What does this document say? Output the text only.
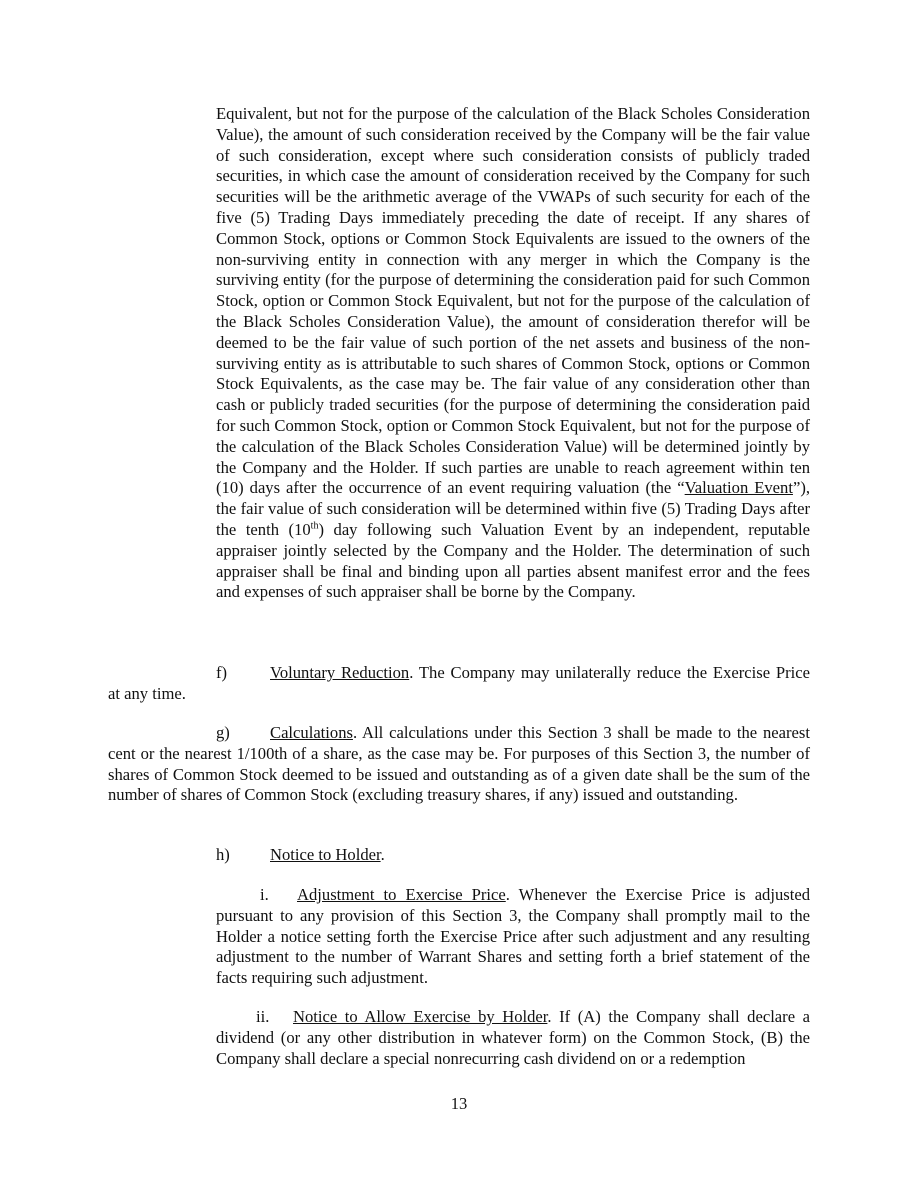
Equivalent, but not for the purpose of the calculation of the Black Scholes Consideration Value), the amount of such consideration received by the Company will be the fair value of such consideration, except where such consideration consists of publicly traded securities, in which case the amount of consideration received by the Company for such securities will be the arithmetic average of the VWAPs of such security for each of the five (5) Trading Days immediately preceding the date of receipt. If any shares of Common Stock, options or Common Stock Equivalents are issued to the owners of the non-surviving entity in connection with any merger in which the Company is the surviving entity (for the purpose of determining the consideration paid for such Common Stock, option or Common Stock Equivalent, but not for the purpose of the calculation of the Black Scholes Consideration Value), the amount of consideration therefor will be deemed to be the fair value of such portion of the net assets and business of the non-surviving entity as is attributable to such shares of Common Stock, options or Common Stock Equivalents, as the case may be. The fair value of any consideration other than cash or publicly traded securities (for the purpose of determining the consideration paid for such Common Stock, option or Common Stock Equivalent, but not for the purpose of the calculation of the Black Scholes Consideration Value) will be determined jointly by the Company and the Holder. If such parties are unable to reach agreement within ten (10) days after the occurrence of an event requiring valuation (the “Valuation Event”), the fair value of such consideration will be determined within five (5) Trading Days after the tenth (10th) day following such Valuation Event by an independent, reputable appraiser jointly selected by the Company and the Holder. The determination of such appraiser shall be final and binding upon all parties absent manifest error and the fees and expenses of such appraiser shall be borne by the Company.

f)	Voluntary Reduction. The Company may unilaterally reduce the Exercise Price at any time.

g) Calculations. All calculations under this Section 3 shall be made to the nearest cent or the nearest 1/100th of a share, as the case may be. For purposes of this Section 3, the number of shares of Common Stock deemed to be issued and outstanding as of a given date shall be the sum of the number of shares of Common Stock (excluding treasury shares, if any) issued and outstanding.

h) Notice to Holder.

i. Adjustment to Exercise Price. Whenever the Exercise Price is adjusted pursuant to any provision of this Section 3, the Company shall promptly mail to the Holder a notice setting forth the Exercise Price after such adjustment and any resulting adjustment to the number of Warrant Shares and setting forth a brief statement of the facts requiring such adjustment.

ii. Notice to Allow Exercise by Holder. If (A) the Company shall declare a dividend (or any other distribution in whatever form) on the Common Stock, (B) the Company shall declare a special nonrecurring cash dividend on or a redemption

13
